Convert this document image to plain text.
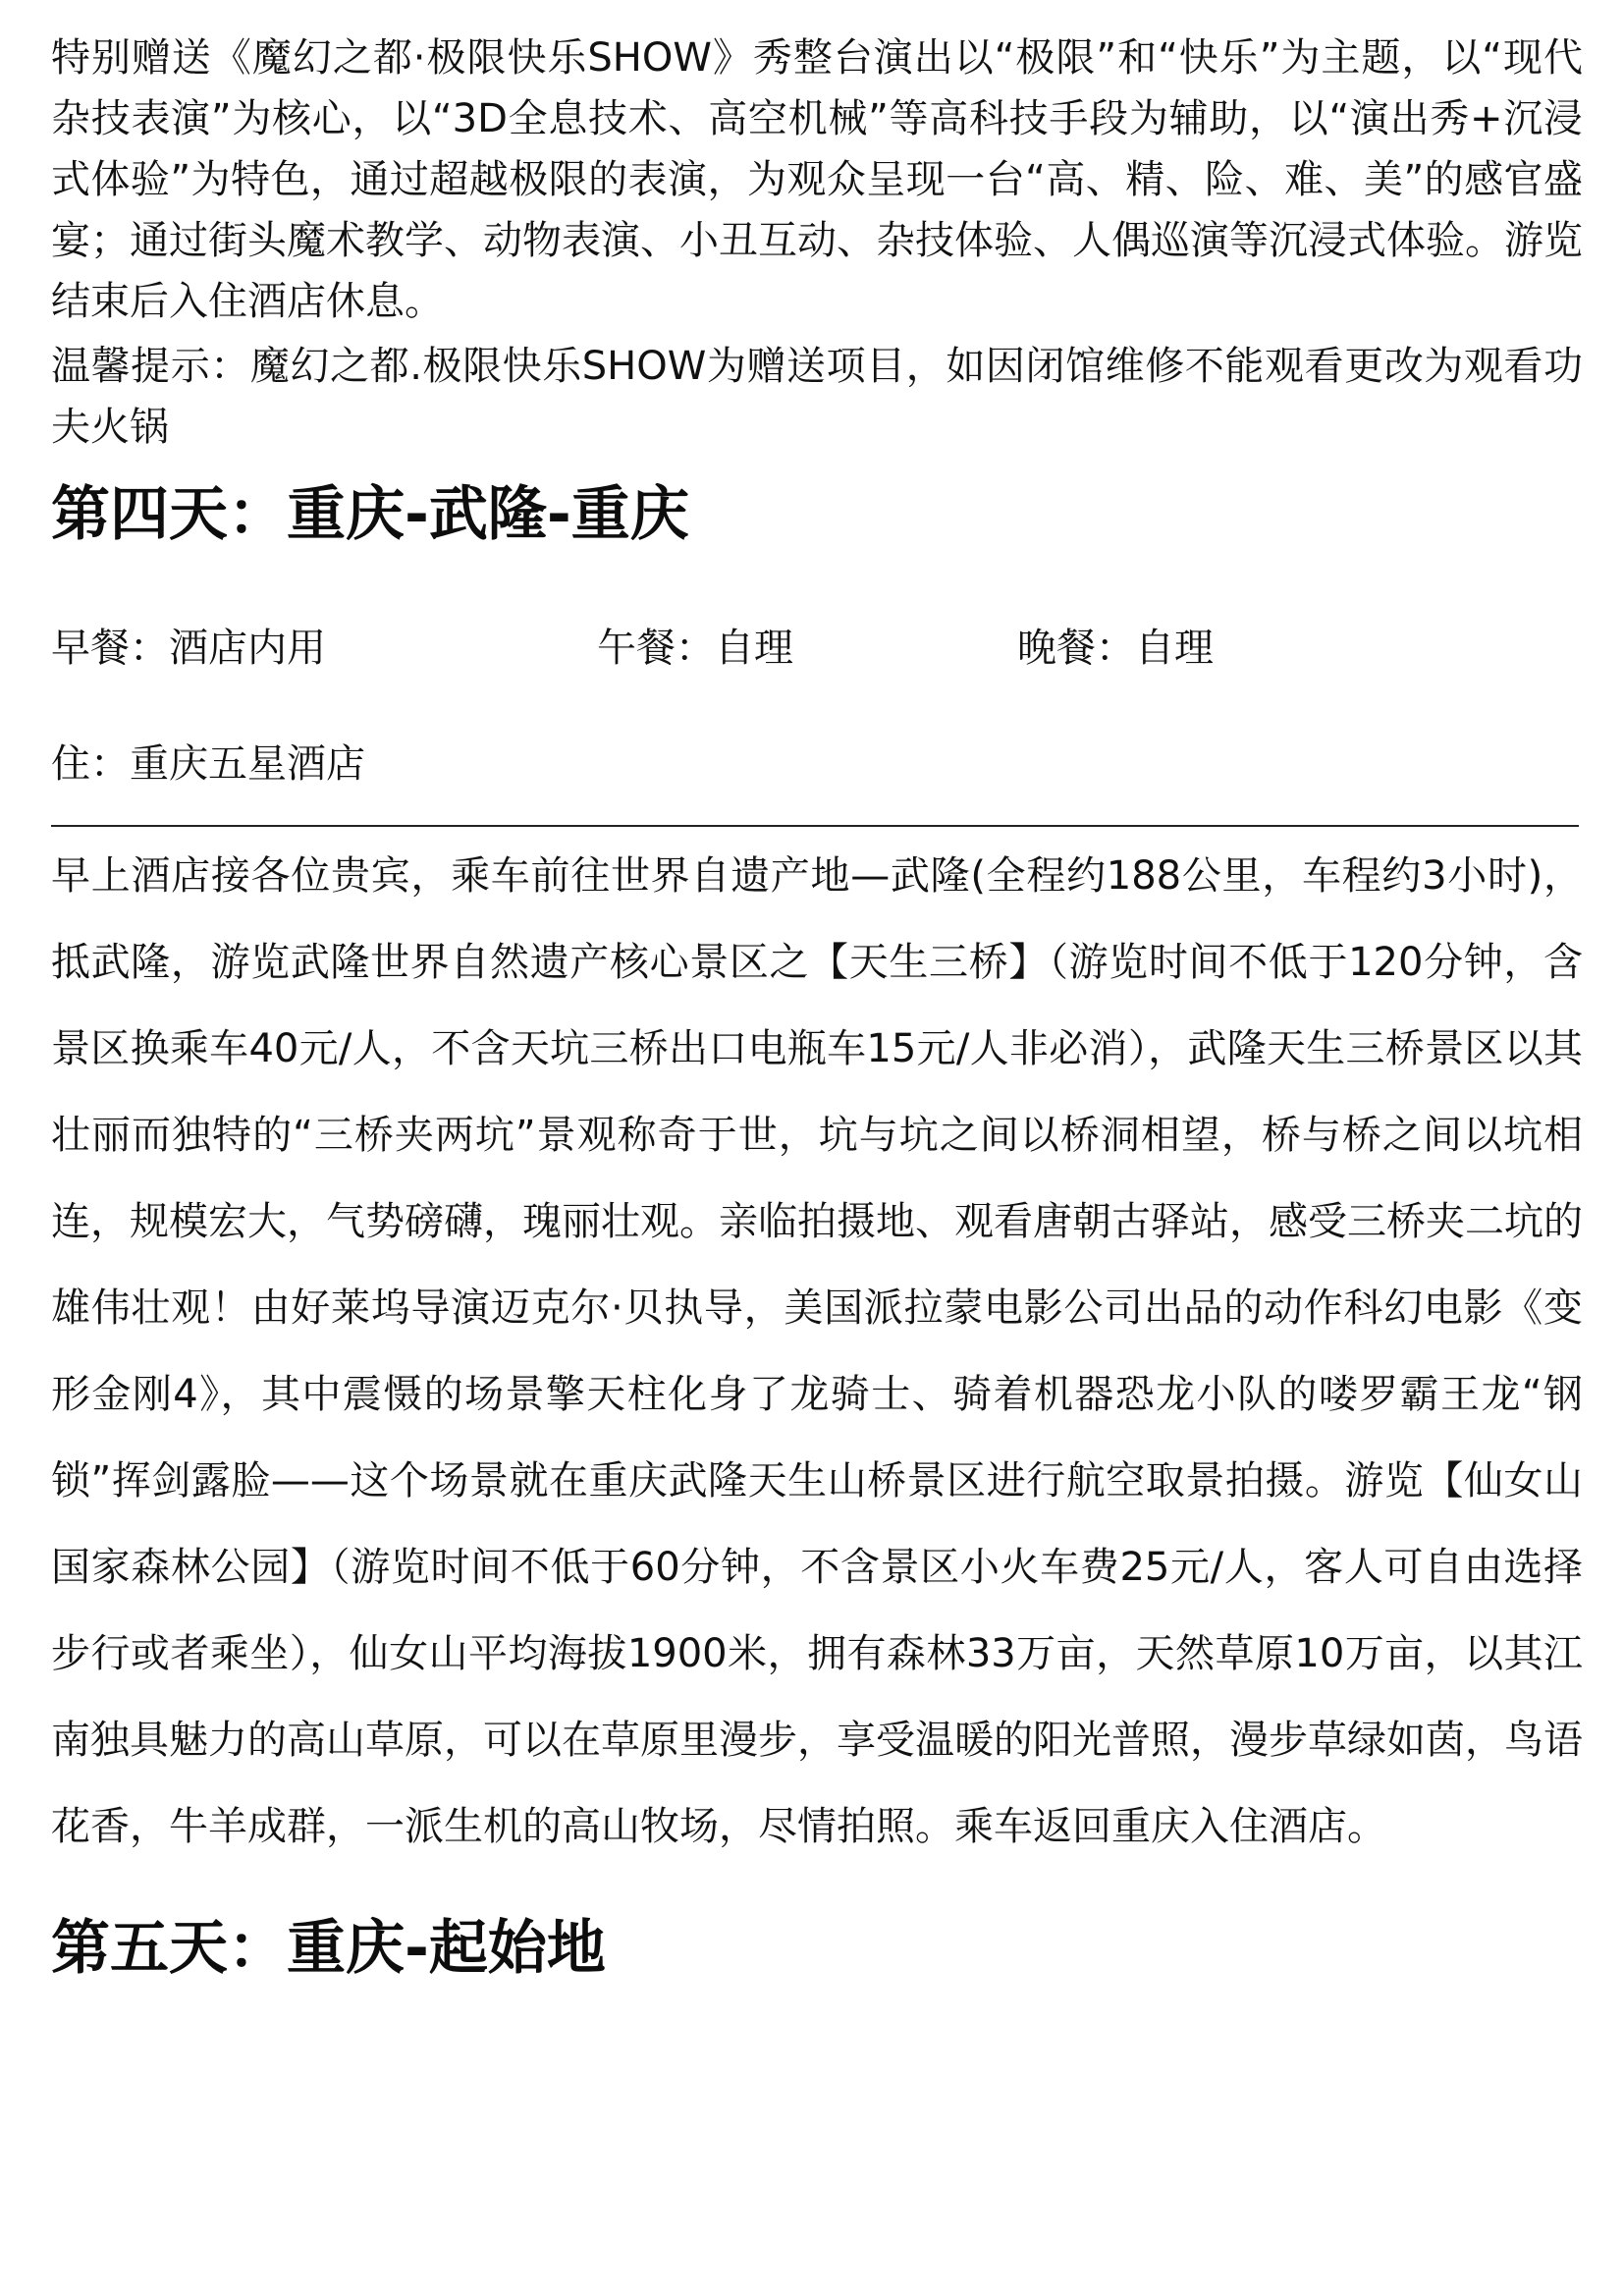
特别赠送《魔幻之都·极限快乐SHOW》秀整台演出以“极限”和“快乐”为主题，以“现代杂技表演”为核心，以“3D全息技术、高空机械”等高科技手段为辅助，以“演出秀+沉浸式体验”为特色，通过超越极限的表演，为观众呈现一台“高、精、险、难、美”的感官盛宴；通过街头魔术教学、动物表演、小丑互动、杂技体验、人偶巡演等沉浸式体验。游览结束后入住酒店休息。

温馨提示：魔幻之都.极限快乐SHOW为赠送项目，如因闭馆维修不能观看更改为观看功夫火锅

第四天：重庆-武隆-重庆
早餐：酒店内用	午餐：自理	晚餐：自理
住：重庆五星酒店

早上酒店接各位贵宾，乘车前往世界自遗产地—武隆(全程约188公里，车程约3小时)，抵武隆，游览武隆世界自然遗产核心景区之【天生三桥】（游览时间不低于120分钟，含景区换乘车40元/人，不含天坑三桥出口电瓶车15元/人非必消），武隆天生三桥景区以其壮丽而独特的“三桥夹两坑”景观称奇于世，坑与坑之间以桥洞相望，桥与桥之间以坑相连，规模宏大，气势磅礴，瑰丽壮观。亲临拍摄地、观看唐朝古驿站，感受三桥夹二坑的雄伟壮观！由好莱坞导演迈克尔·贝执导，美国派拉蒙电影公司出品的动作科幻电影《变形金刚4》，其中震慑的场景擎天柱化身了龙骑士、骑着机器恐龙小队的喽罗霸王龙“钢锁”挥剑露脸——这个场景就在重庆武隆天生山桥景区进行航空取景拍摄。游览【仙女山国家森林公园】（游览时间不低于60分钟，不含景区小火车费25元/人，客人可自由选择步行或者乘坐），仙女山平均海拔1900米，拥有森林33万亩，天然草原10万亩，以其江南独具魅力的高山草原，可以在草原里漫步，享受温暖的阳光普照，漫步草绿如茵，鸟语花香，牛羊成群，一派生机的高山牧场，尽情拍照。乘车返回重庆入住酒店。

第五天：重庆-起始地
